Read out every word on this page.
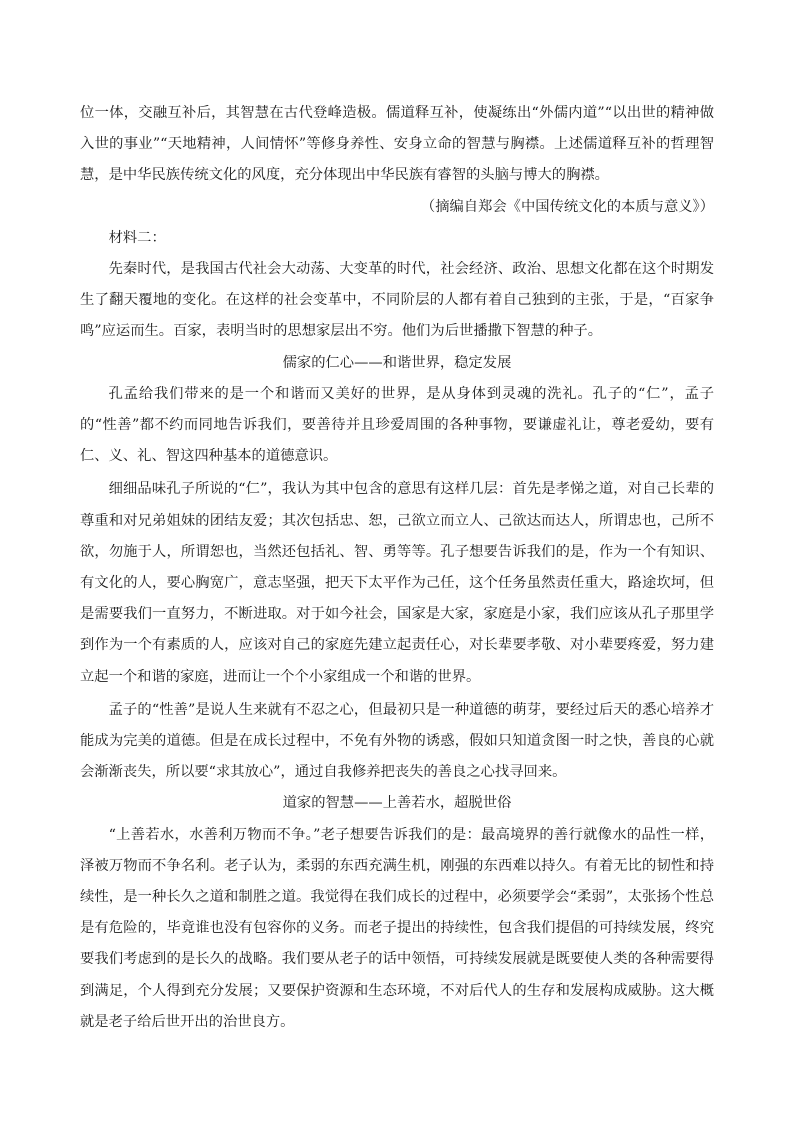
位一体，交融互补后，其智慧在古代登峰造极。儒道释互补，使凝练出“外儒内道”“以出世的精神做入世的事业”“天地精神，人间情怀”等修身养性、安身立命的智慧与胸襟。上述儒道释互补的哲理智慧，是中华民族传统文化的风度，充分体现出中华民族有睿智的头脑与博大的胸襟。

（摘编自郑会《中国传统文化的本质与意义》）

材料二：

先秦时代，是我国古代社会大动荡、大变革的时代，社会经济、政治、思想文化都在这个时期发生了翻天覆地的变化。在这样的社会变革中，不同阶层的人都有着自己独到的主张，于是，“百家争鸣”应运而生。百家，表明当时的思想家层出不穷。他们为后世播撒下智慧的种子。

儒家的仁心——和谐世界，稳定发展

孔孟给我们带来的是一个和谐而又美好的世界，是从身体到灵魂的洗礼。孔子的“仁”，孟子的“性善”都不约而同地告诉我们，要善待并且珍爱周围的各种事物，要谦虚礼让，尊老爱幼，要有仁、义、礼、智这四种基本的道德意识。

细细品味孔子所说的“仁”，我认为其中包含的意思有这样几层：首先是孝悌之道，对自己长辈的尊重和对兄弟姐妹的团结友爱；其次包括忠、恕，己欲立而立人、己欲达而达人，所谓忠也，己所不欲，勿施于人，所谓恕也，当然还包括礼、智、勇等等。孔子想要告诉我们的是，作为一个有知识、有文化的人，要心胸宽广，意志坚强，把天下太平作为己任，这个任务虽然责任重大，路途坎坷，但是需要我们一直努力，不断进取。对于如今社会，国家是大家，家庭是小家，我们应该从孔子那里学到作为一个有素质的人，应该对自己的家庭先建立起责任心，对长辈要孝敬、对小辈要疼爱，努力建立起一个和谐的家庭，进而让一个个小家组成一个和谐的世界。

孟子的“性善”是说人生来就有不忍之心，但最初只是一种道德的萌芽，要经过后天的悉心培养才能成为完美的道德。但是在成长过程中，不免有外物的诱惑，假如只知道贪图一时之快，善良的心就会渐渐丧失，所以要“求其放心”，通过自我修养把丧失的善良之心找寻回来。

道家的智慧——上善若水，超脱世俗

“上善若水，水善利万物而不争。”老子想要告诉我们的是：最高境界的善行就像水的品性一样，泽被万物而不争名利。老子认为，柔弱的东西充满生机，刚强的东西难以持久。有着无比的韧性和持续性，是一种长久之道和制胜之道。我觉得在我们成长的过程中，必须要学会“柔弱”，太张扬个性总是有危险的，毕竟谁也没有包容你的义务。而老子提出的持续性，包含我们提倡的可持续发展，终究要我们考虑到的是长久的战略。我们要从老子的话中领悟，可持续发展就是既要使人类的各种需要得到满足，个人得到充分发展；又要保护资源和生态环境，不对后代人的生存和发展构成威胁。这大概就是老子给后世开出的治世良方。
